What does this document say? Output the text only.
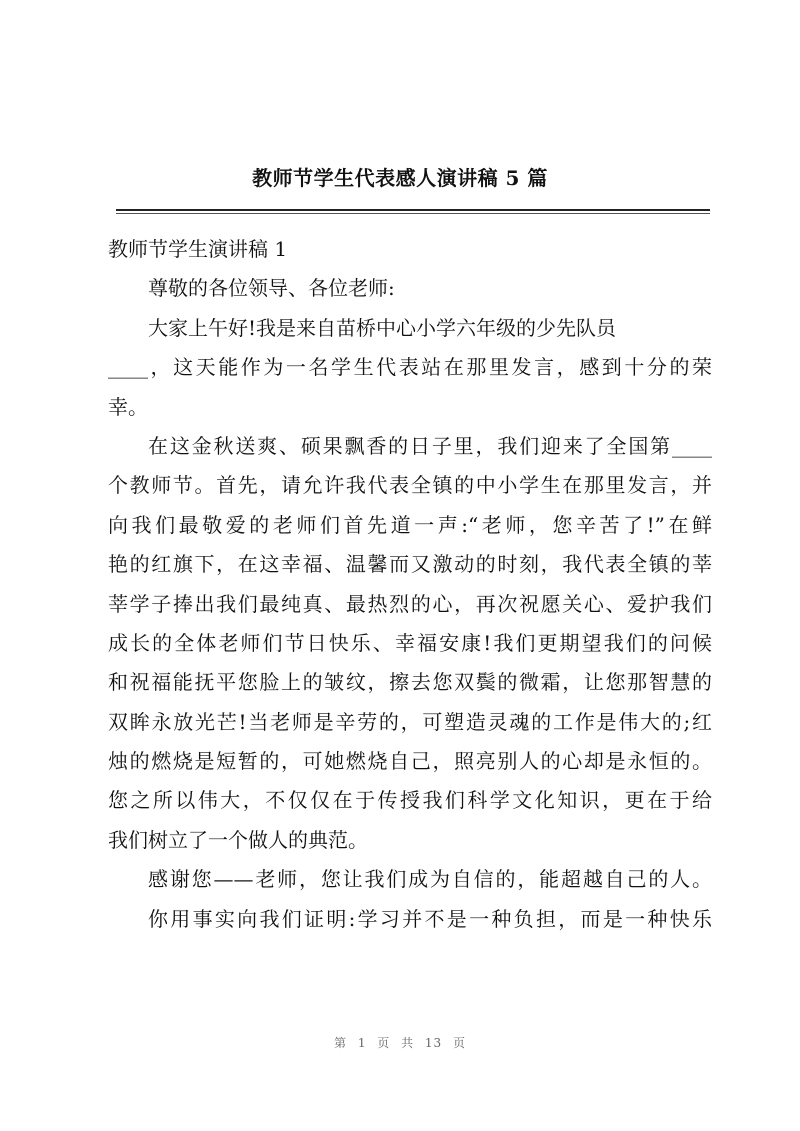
教师节学生代表感人演讲稿 5 篇
教师节学生演讲稿 1
尊敬的各位领导、各位老师:
大家上午好!我是来自苗桥中心小学六年级的少先队员
____，这天能作为一名学生代表站在那里发言，感到十分的荣
幸。
在这金秋送爽、硕果飘香的日子里，我们迎来了全国第____
个教师节。首先，请允许我代表全镇的中小学生在那里发言，并
向我们最敬爱的老师们首先道一声:“老师，您辛苦了!”在鲜
艳的红旗下，在这幸福、温馨而又激动的时刻，我代表全镇的莘
莘学子捧出我们最纯真、最热烈的心，再次祝愿关心、爱护我们
成长的全体老师们节日快乐、幸福安康!我们更期望我们的问候
和祝福能抚平您脸上的皱纹，擦去您双鬓的微霜，让您那智慧的
双眸永放光芒!当老师是辛劳的，可塑造灵魂的工作是伟大的;红
烛的燃烧是短暂的，可她燃烧自己，照亮别人的心却是永恒的。
您之所以伟大，不仅仅在于传授我们科学文化知识，更在于给
我们树立了一个做人的典范。
感谢您——老师，您让我们成为自信的，能超越自己的人。
你用事实向我们证明:学习并不是一种负担，而是一种快乐
第 1 页 共 13 页
